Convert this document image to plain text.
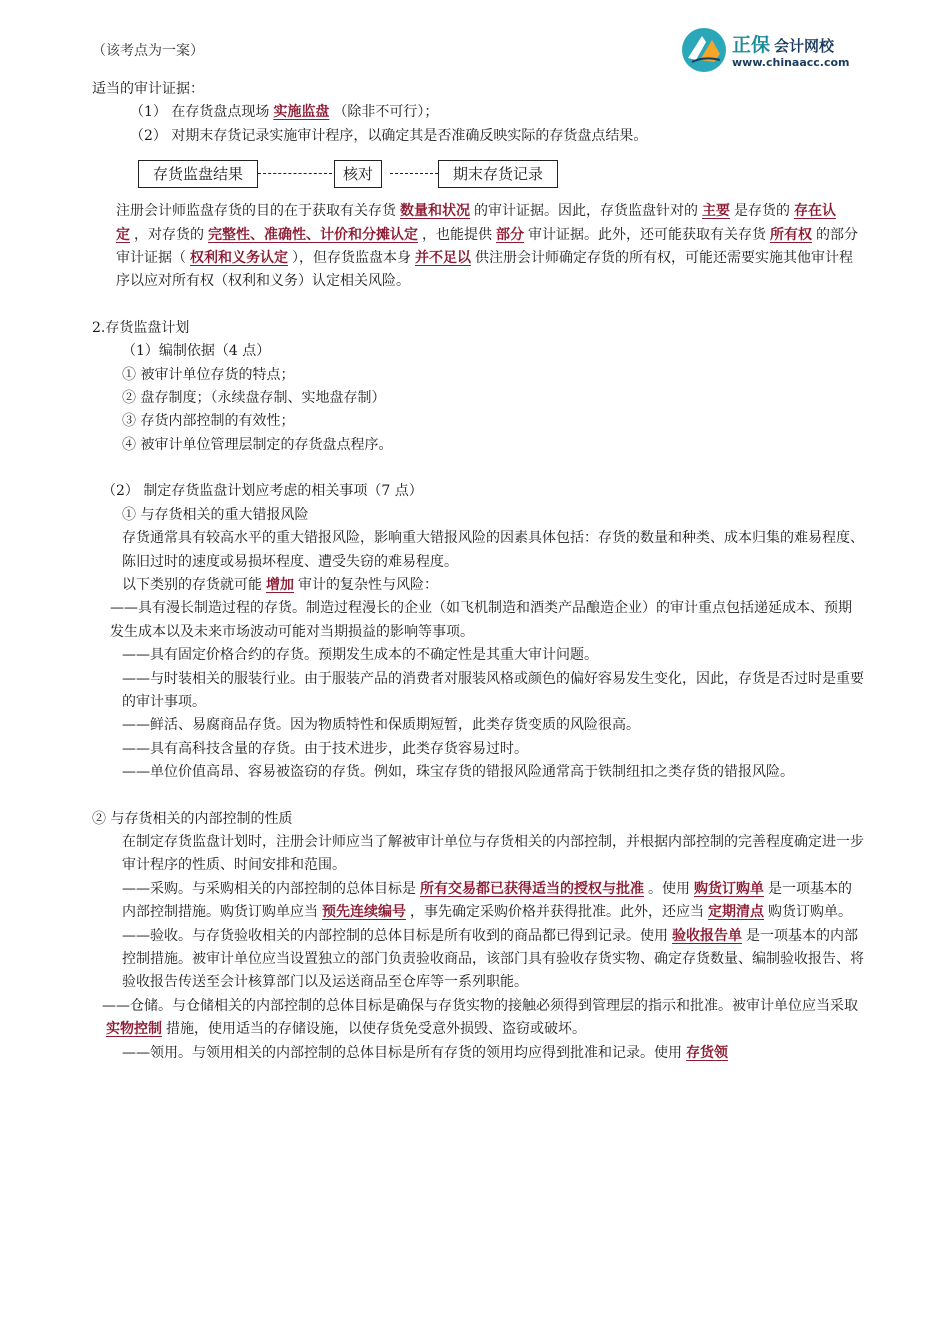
（该考点为一案）	正保 会计网校
www.chinaacc.com

适当的审计证据：

（1） 在存货盘点现场 实施监盘 （除非不可行）；

（2） 对期末存货记录实施审计程序，以确定其是否准确反映实际的存货盘点结果。

存货监盘结果	核对	期末存货记录

注册会计师监盘存货的目的在于获取有关存货 数量和状况 的审计证据。因此，存货监盘针对的 主要 是存货的 存在认定 ，对存货的 完整性、准确性、计价和分摊认定 ，也能提供 部分 审计证据。此外，还可能获取有关存货 所有权 的部分审计证据（ 权利和义务认定 ），但存货监盘本身 并不足以 供注册会计师确定存货的所有权，可能还需要实施其他审计程序以应对所有权（权利和义务）认定相关风险。

2.存货监盘计划

（1）编制依据（4 点）

① 被审计单位存货的特点；

② 盘存制度；（永续盘存制、实地盘存制）

③ 存货内部控制的有效性；

④ 被审计单位管理层制定的存货盘点程序。

（2） 制定存货监盘计划应考虑的相关事项（7 点）

① 与存货相关的重大错报风险

存货通常具有较高水平的重大错报风险，影响重大错报风险的因素具体包括：存货的数量和种类、成本归集的难易程度、陈旧过时的速度或易损坏程度、遭受失窃的难易程度。

以下类别的存货就可能 增加 审计的复杂性与风险：

——具有漫长制造过程的存货。制造过程漫长的企业（如飞机制造和酒类产品酿造企业）的审计重点包括递延成本、预期发生成本以及未来市场波动可能对当期损益的影响等事项。

——具有固定价格合约的存货。预期发生成本的不确定性是其重大审计问题。

——与时装相关的服装行业。由于服装产品的消费者对服装风格或颜色的偏好容易发生变化，因此，存货是否过时是重要的审计事项。

——鲜活、易腐商品存货。因为物质特性和保质期短暂，此类存货变质的风险很高。

——具有高科技含量的存货。由于技术进步，此类存货容易过时。

——单位价值高昂、容易被盗窃的存货。例如，珠宝存货的错报风险通常高于铁制纽扣之类存货的错报风险。

② 与存货相关的内部控制的性质

在制定存货监盘计划时，注册会计师应当了解被审计单位与存货相关的内部控制，并根据内部控制的完善程度确定进一步审计程序的性质、时间安排和范围。

——采购。与采购相关的内部控制的总体目标是 所有交易都已获得适当的授权与批准 。使用 购货订购单 是一项基本的内部控制措施。购货订购单应当 预先连续编号 ，事先确定采购价格并获得批准。此外，还应当 定期清点 购货订购单。

——验收。与存货验收相关的内部控制的总体目标是所有收到的商品都已得到记录。使用 验收报告单 是一项基本的内部控制措施。被审计单位应当设置独立的部门负责验收商品，该部门具有验收存货实物、确定存货数量、编制验收报告、将验收报告传送至会计核算部门以及运送商品至仓库等一系列职能。

——仓储。与仓储相关的内部控制的总体目标是确保与存货实物的接触必须得到管理层的指示和批准。被审计单位应当采取实物控制 措施，使用适当的存储设施，以使存货免受意外损毁、盗窃或破坏。

——领用。与领用相关的内部控制的总体目标是所有存货的领用均应得到批准和记录。使用 存货领
